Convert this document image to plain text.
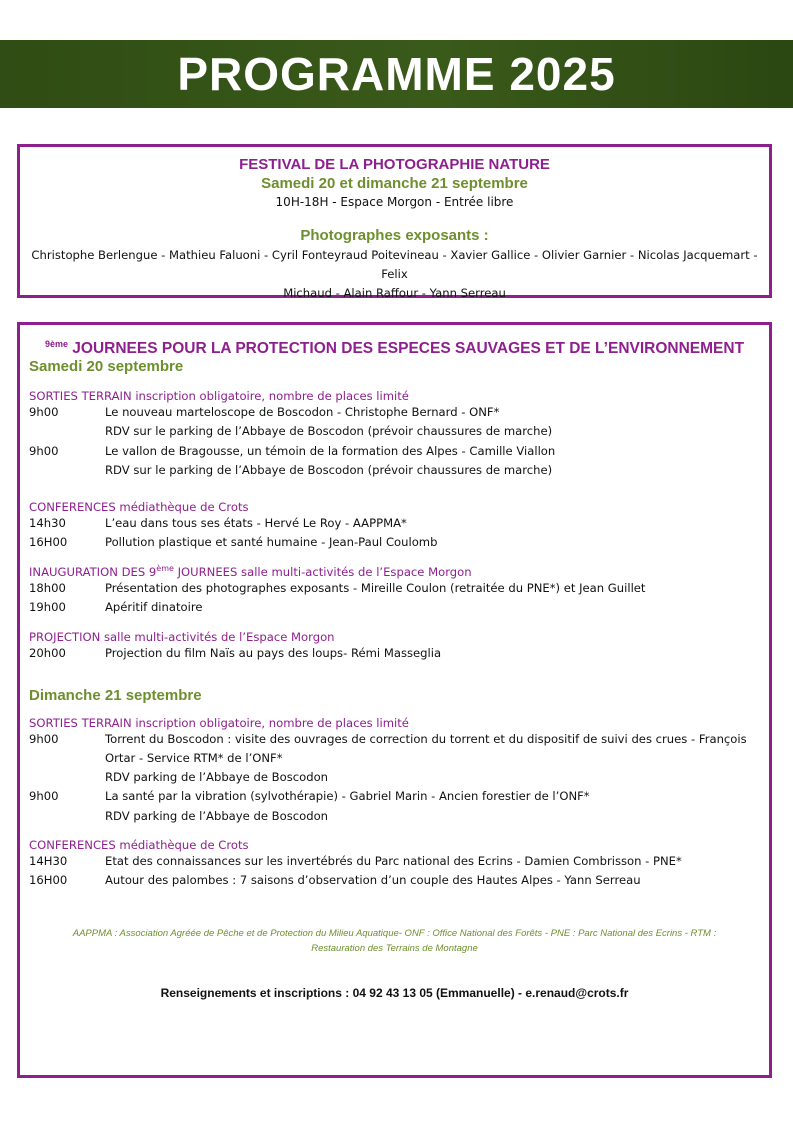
PROGRAMME 2025
FESTIVAL DE LA PHOTOGRAPHIE NATURE
Samedi 20 et dimanche 21 septembre
10H-18H - Espace Morgon - Entrée libre
Photographes exposants :
Christophe Berlengue - Mathieu Faluoni - Cyril Fonteyraud Poitevineau - Xavier Gallice - Olivier Garnier - Nicolas Jacquemart - Felix
Michaud - Alain Raffour - Yann Serreau
$^{9ème}$ JOURNEES POUR LA PROTECTION DES ESPECES SAUVAGES ET DE L’ENVIRONNEMENT
Samedi 20 septembre
SORTIES TERRAIN inscription obligatoire, nombre de places limité
9h00	Le nouveau marteloscope de Boscodon - Christophe Bernard - ONF*
RDV sur le parking de l’Abbaye de Boscodon (prévoir chaussures de marche)
9h00	Le vallon de Bragousse, un témoin de la formation des Alpes - Camille Viallon
RDV sur le parking de l’Abbaye de Boscodon (prévoir chaussures de marche)
CONFERENCES médiathèque de Crots
14h30	L’eau dans tous ses états - Hervé Le Roy - AAPPMA*
16H00	Pollution plastique et santé humaine - Jean-Paul Coulomb
INAUGURATION DES 9ème JOURNEES salle multi-activités de l’Espace Morgon
18h00	Présentation des photographes exposants - Mireille Coulon (retraitée du PNE*) et Jean Guillet
19h00	Apéritif dinatoire
PROJECTION salle multi-activités de l’Espace Morgon
20h00	Projection du film Naïs au pays des loups- Rémi Masseglia
Dimanche 21 septembre
SORTIES TERRAIN inscription obligatoire, nombre de places limité
9h00	Torrent du Boscodon : visite des ouvrages de correction du torrent et du dispositif de suivi des crues - François
Ortar - Service RTM* de l’ONF*
RDV parking de l’Abbaye de Boscodon
9h00	La santé par la vibration (sylvothérapie) - Gabriel Marin - Ancien forestier de l’ONF*
RDV parking de l’Abbaye de Boscodon
CONFERENCES médiathèque de Crots
14H30	Etat des connaissances sur les invertébrés du Parc national des Ecrins - Damien Combrisson - PNE*
16H00	Autour des palombes : 7 saisons d’observation d’un couple des Hautes Alpes - Yann Serreau
AAPPMA : Association Agréée de Pêche et de Protection du Milieu Aquatique- ONF : Office National des Forêts - PNE : Parc National des Ecrins - RTM :
Restauration des Terrains de Montagne
Renseignements et inscriptions : 04 92 43 13 05 (Emmanuelle) - e.renaud@crots.fr
